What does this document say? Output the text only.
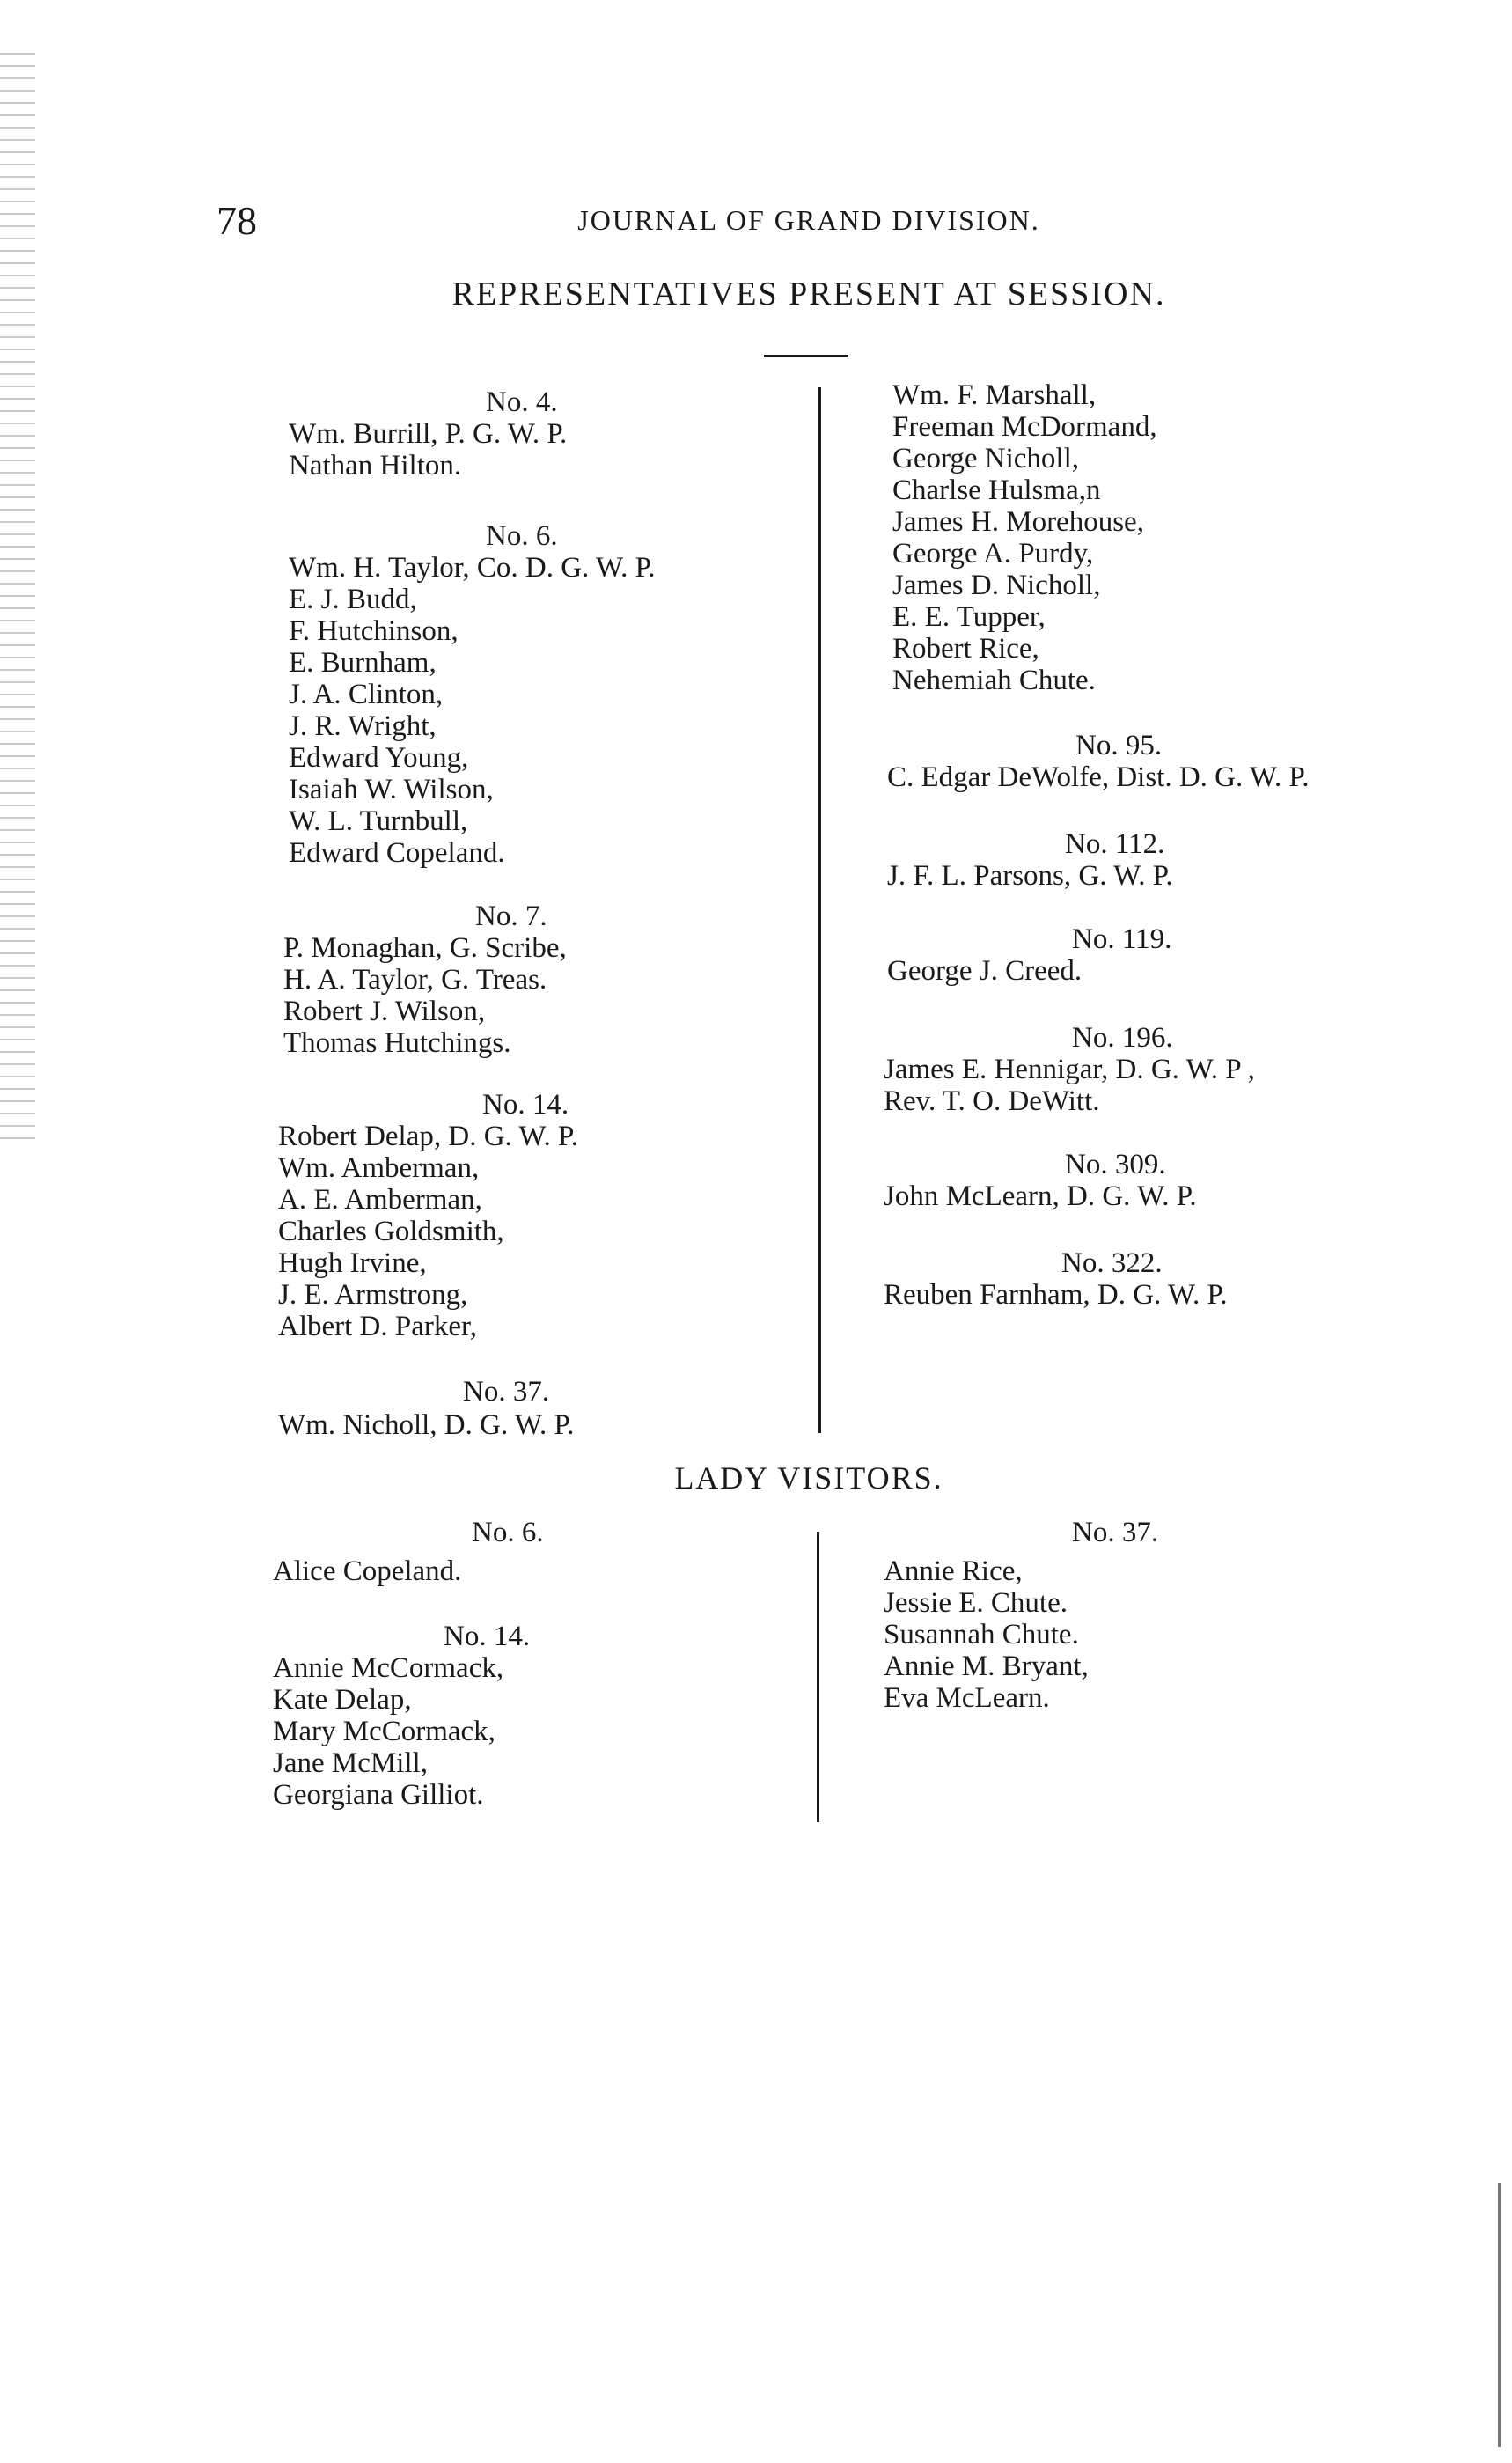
78	JOURNAL OF GRAND DIVISION.
REPRESENTATIVES PRESENT AT SESSION.
No. 4.
Wm. Burrill, P. G. W. P.
Nathan Hilton.
No. 6.
Wm. H. Taylor, Co. D. G. W. P.
E. J. Budd,
F. Hutchinson,
E. Burnham,
J. A. Clinton,
J. R. Wright,
Edward Young,
Isaiah W. Wilson,
W. L. Turnbull,
Edward Copeland.
No. 7.
P. Monaghan, G. Scribe,
H. A. Taylor, G. Treas.
Robert J. Wilson,
Thomas Hutchings.
No. 14.
Robert Delap, D. G. W. P.
Wm. Amberman,
A. E. Amberman,
Charles Goldsmith,
Hugh Irvine,
J. E. Armstrong,
Albert D. Parker,
No. 37.
Wm. Nicholl, D. G. W. P.
Wm. F. Marshall,
Freeman McDormand,
George Nicholl,
Charlse Hulsma,n
James H. Morehouse,
George A. Purdy,
James D. Nicholl,
E. E. Tupper,
Robert Rice,
Nehemiah Chute.
No. 95.
C. Edgar DeWolfe, Dist. D. G. W. P.
No. 112.
J. F. L. Parsons, G. W. P.
No. 119.
George J. Creed.
No. 196.
James E. Hennigar, D. G. W. P ,
Rev. T. O. DeWitt.
No. 309.
John McLearn, D. G. W. P.
No. 322.
Reuben Farnham, D. G. W. P.
LADY VISITORS.
No. 6.
Alice Copeland.
No. 14.
Annie McCormack,
Kate Delap,
Mary McCormack,
Jane McMill,
Georgiana Gilliot.
No. 37.
Annie Rice,
Jessie E. Chute.
Susannah Chute.
Annie M. Bryant,
Eva McLearn.
